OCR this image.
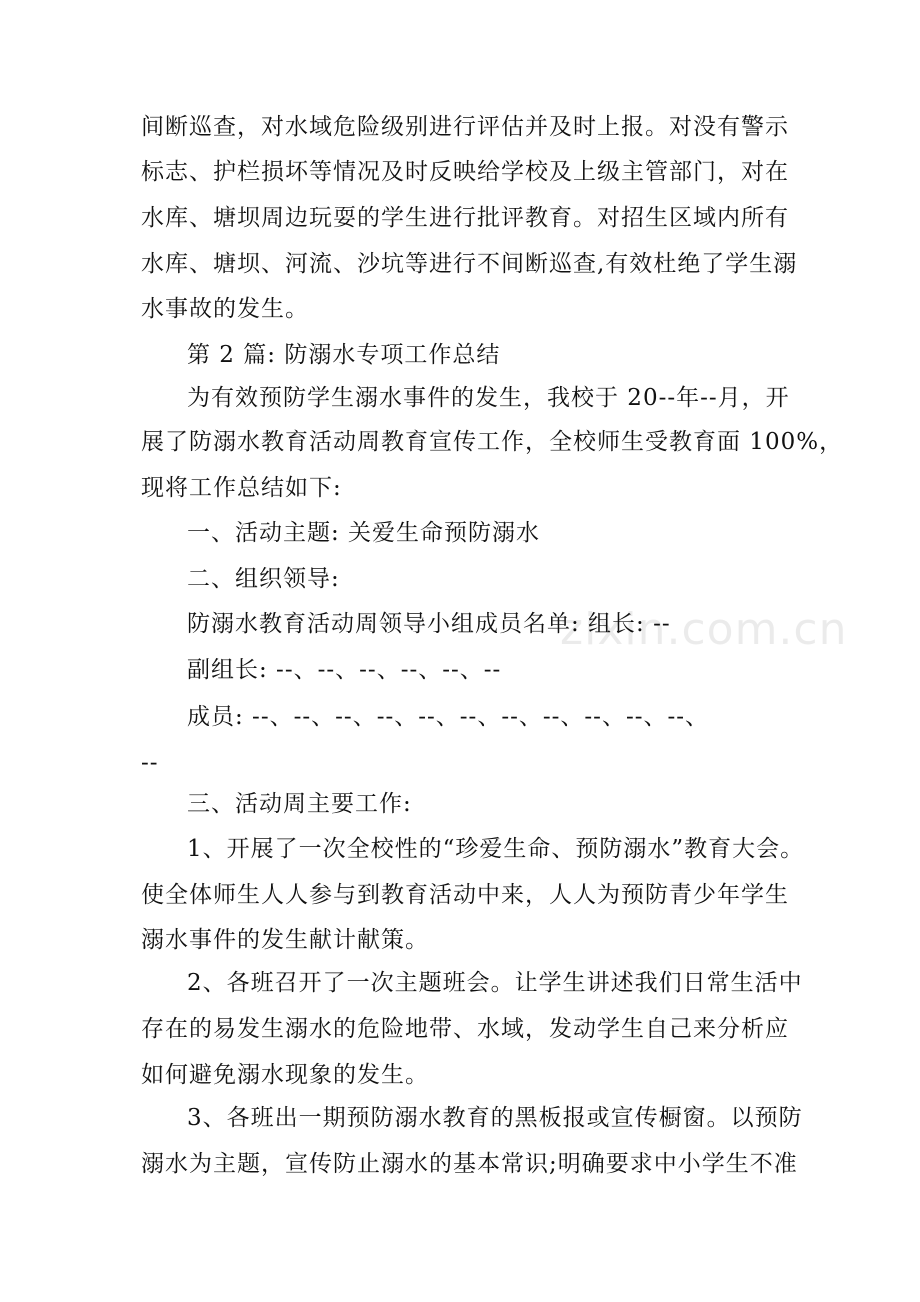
间断巡查，对水域危险级别进行评估并及时上报。对没有警示
标志、护栏损坏等情况及时反映给学校及上级主管部门，对在
水库、塘坝周边玩耍的学生进行批评教育。对招生区域内所有
水库、塘坝、河流、沙坑等进行不间断巡查,有效杜绝了学生溺
水事故的发生。
第 2 篇: 防溺水专项工作总结
为有效预防学生溺水事件的发生，我校于 20--年--月，开
展了防溺水教育活动周教育宣传工作，全校师生受教育面 100%，
现将工作总结如下:
一、活动主题: 关爱生命预防溺水
二、组织领导:
防溺水教育活动周领导小组成员名单: 组长: --
副组长: --、--、--、--、--、--
成员: --、--、--、--、--、--、--、--、--、--、--、
--
三、活动周主要工作:
1、开展了一次全校性的“珍爱生命、预防溺水”教育大会。
使全体师生人人参与到教育活动中来，人人为预防青少年学生
溺水事件的发生献计献策。
2、各班召开了一次主题班会。让学生讲述我们日常生活中
存在的易发生溺水的危险地带、水域，发动学生自己来分析应
如何避免溺水现象的发生。
3、各班出一期预防溺水教育的黑板报或宣传橱窗。以预防
溺水为主题，宣传防止溺水的基本常识;明确要求中小学生不准
zixin.com.cn
